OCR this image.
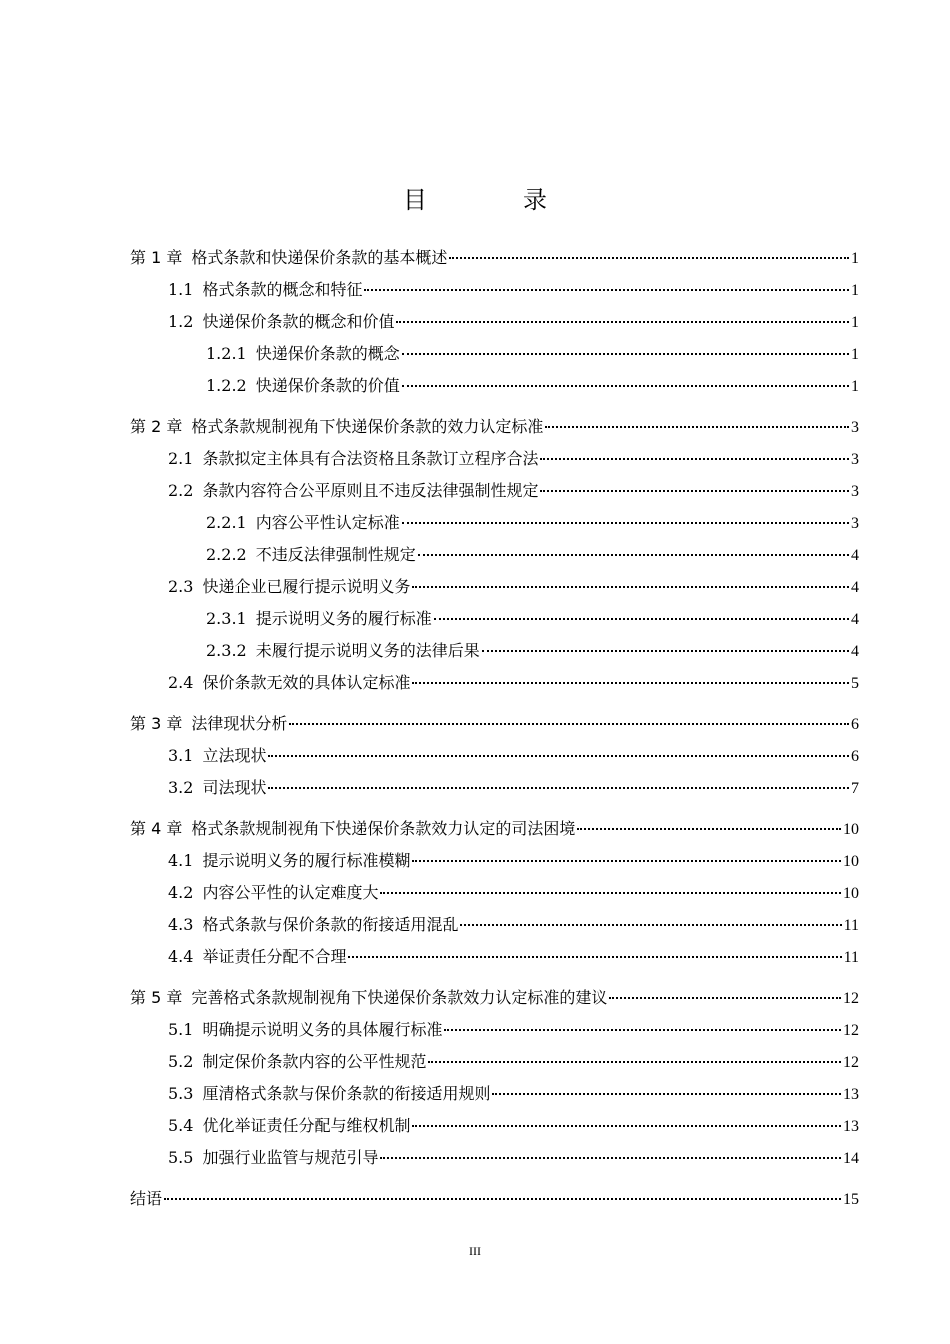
目　录
第 1 章 格式条款和快递保价条款的基本概述	1
1.1 格式条款的概念和特征	1
1.2 快递保价条款的概念和价值	1
1.2.1 快递保价条款的概念	1
1.2.2 快递保价条款的价值	1
第 2 章 格式条款规制视角下快递保价条款的效力认定标准	3
2.1 条款拟定主体具有合法资格且条款订立程序合法	3
2.2 条款内容符合公平原则且不违反法律强制性规定	3
2.2.1 内容公平性认定标准	3
2.2.2 不违反法律强制性规定	4
2.3 快递企业已履行提示说明义务	4
2.3.1 提示说明义务的履行标准	4
2.3.2 未履行提示说明义务的法律后果	4
2.4 保价条款无效的具体认定标准	5
第 3 章 法律现状分析	6
3.1 立法现状	6
3.2 司法现状	7
第 4 章 格式条款规制视角下快递保价条款效力认定的司法困境	10
4.1 提示说明义务的履行标准模糊	10
4.2 内容公平性的认定难度大	10
4.3 格式条款与保价条款的衔接适用混乱	11
4.4 举证责任分配不合理	11
第 5 章 完善格式条款规制视角下快递保价条款效力认定标准的建议	12
5.1 明确提示说明义务的具体履行标准	12
5.2 制定保价条款内容的公平性规范	12
5.3 厘清格式条款与保价条款的衔接适用规则	13
5.4 优化举证责任分配与维权机制	13
5.5 加强行业监管与规范引导	14
结语	15
III
